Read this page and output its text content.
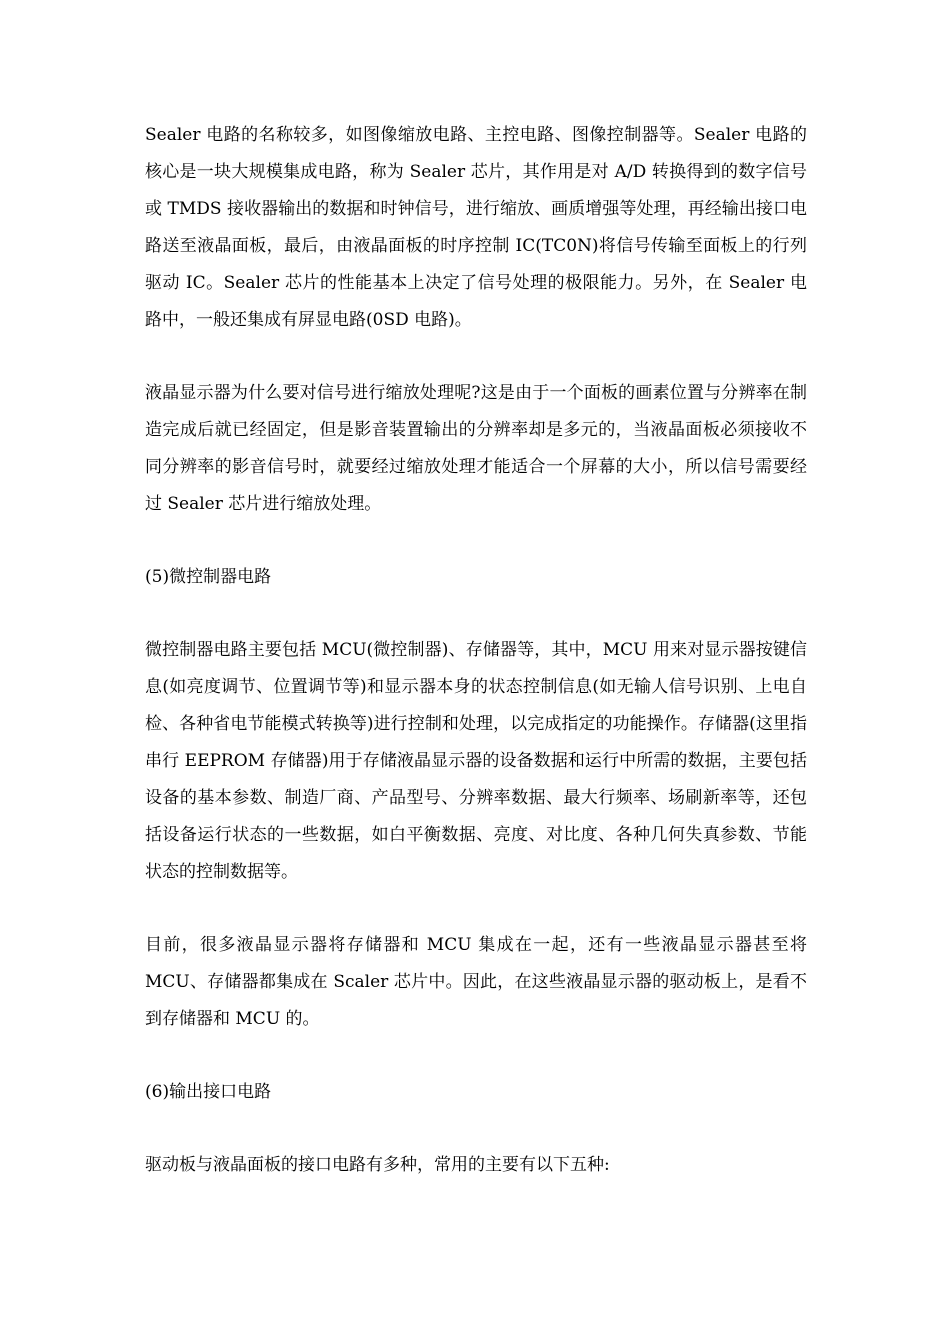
Sealer 电路的名称较多，如图像缩放电路、主控电路、图像控制器等。Sealer 电路的核心是一块大规模集成电路，称为 Sealer 芯片，其作用是对 A/D 转换得到的数字信号或 TMDS 接收器输出的数据和时钟信号，进行缩放、画质增强等处理，再经输出接口电路送至液晶面板，最后，由液晶面板的时序控制 IC(TC0N)将信号传输至面板上的行列驱动 IC。Sealer 芯片的性能基本上决定了信号处理的极限能力。另外，在 Sealer 电路中，一般还集成有屏显电路(0SD 电路)。

液晶显示器为什么要对信号进行缩放处理呢?这是由于一个面板的画素位置与分辨率在制造完成后就已经固定，但是影音装置输出的分辨率却是多元的，当液晶面板必须接收不同分辨率的影音信号时，就要经过缩放处理才能适合一个屏幕的大小，所以信号需要经过 Sealer 芯片进行缩放处理。

(5)微控制器电路

微控制器电路主要包括 MCU(微控制器)、存储器等，其中，MCU 用来对显示器按键信息(如亮度调节、位置调节等)和显示器本身的状态控制信息(如无输人信号识别、上电自检、各种省电节能模式转换等)进行控制和处理，以完成指定的功能操作。存储器(这里指串行 EEPROM 存储器)用于存储液晶显示器的设备数据和运行中所需的数据，主要包括设备的基本参数、制造厂商、产品型号、分辨率数据、最大行频率、场刷新率等，还包括设备运行状态的一些数据，如白平衡数据、亮度、对比度、各种几何失真参数、节能状态的控制数据等。

目前，很多液晶显示器将存储器和 MCU 集成在一起，还有一些液晶显示器甚至将 MCU、存储器都集成在 Scaler 芯片中。因此，在这些液晶显示器的驱动板上，是看不到存储器和 MCU 的。

(6)输出接口电路

驱动板与液晶面板的接口电路有多种，常用的主要有以下五种:
